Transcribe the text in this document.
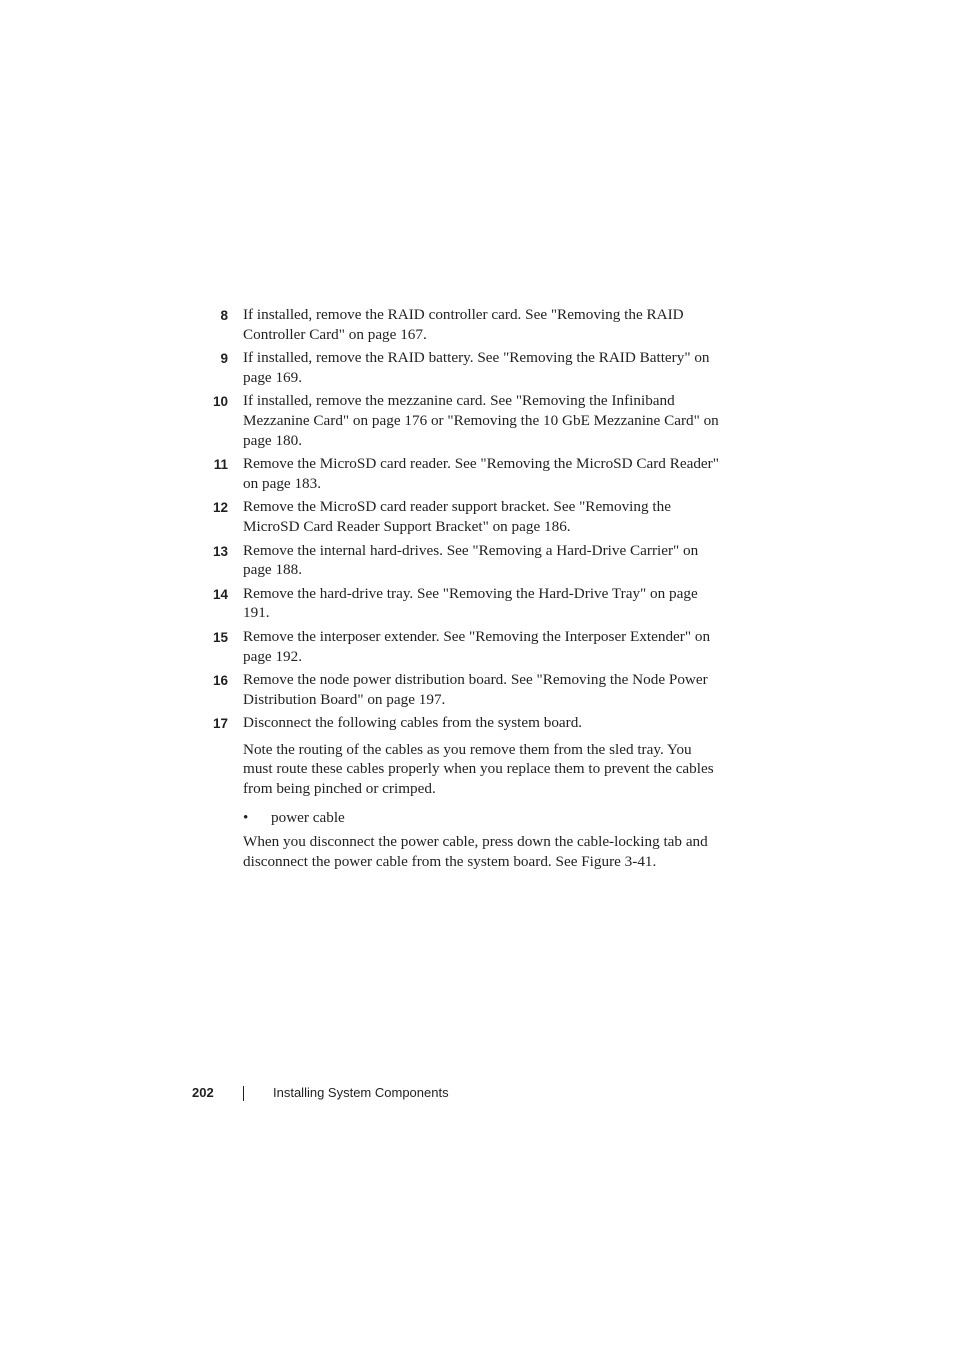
8 If installed, remove the RAID controller card. See "Removing the RAID Controller Card" on page 167.
9 If installed, remove the RAID battery. See "Removing the RAID Battery" on page 169.
10 If installed, remove the mezzanine card. See "Removing the Infiniband Mezzanine Card" on page 176 or "Removing the 10 GbE Mezzanine Card" on page 180.
11 Remove the MicroSD card reader. See "Removing the MicroSD Card Reader" on page 183.
12 Remove the MicroSD card reader support bracket. See "Removing the MicroSD Card Reader Support Bracket" on page 186.
13 Remove the internal hard-drives. See "Removing a Hard-Drive Carrier" on page 188.
14 Remove the hard-drive tray. See "Removing the Hard-Drive Tray" on page 191.
15 Remove the interposer extender. See "Removing the Interposer Extender" on page 192.
16 Remove the node power distribution board. See "Removing the Node Power Distribution Board" on page 197.
17 Disconnect the following cables from the system board.
Note the routing of the cables as you remove them from the sled tray. You must route these cables properly when you replace them to prevent the cables from being pinched or crimped.
• power cable
When you disconnect the power cable, press down the cable-locking tab and disconnect the power cable from the system board. See Figure 3-41.
202	Installing System Components
